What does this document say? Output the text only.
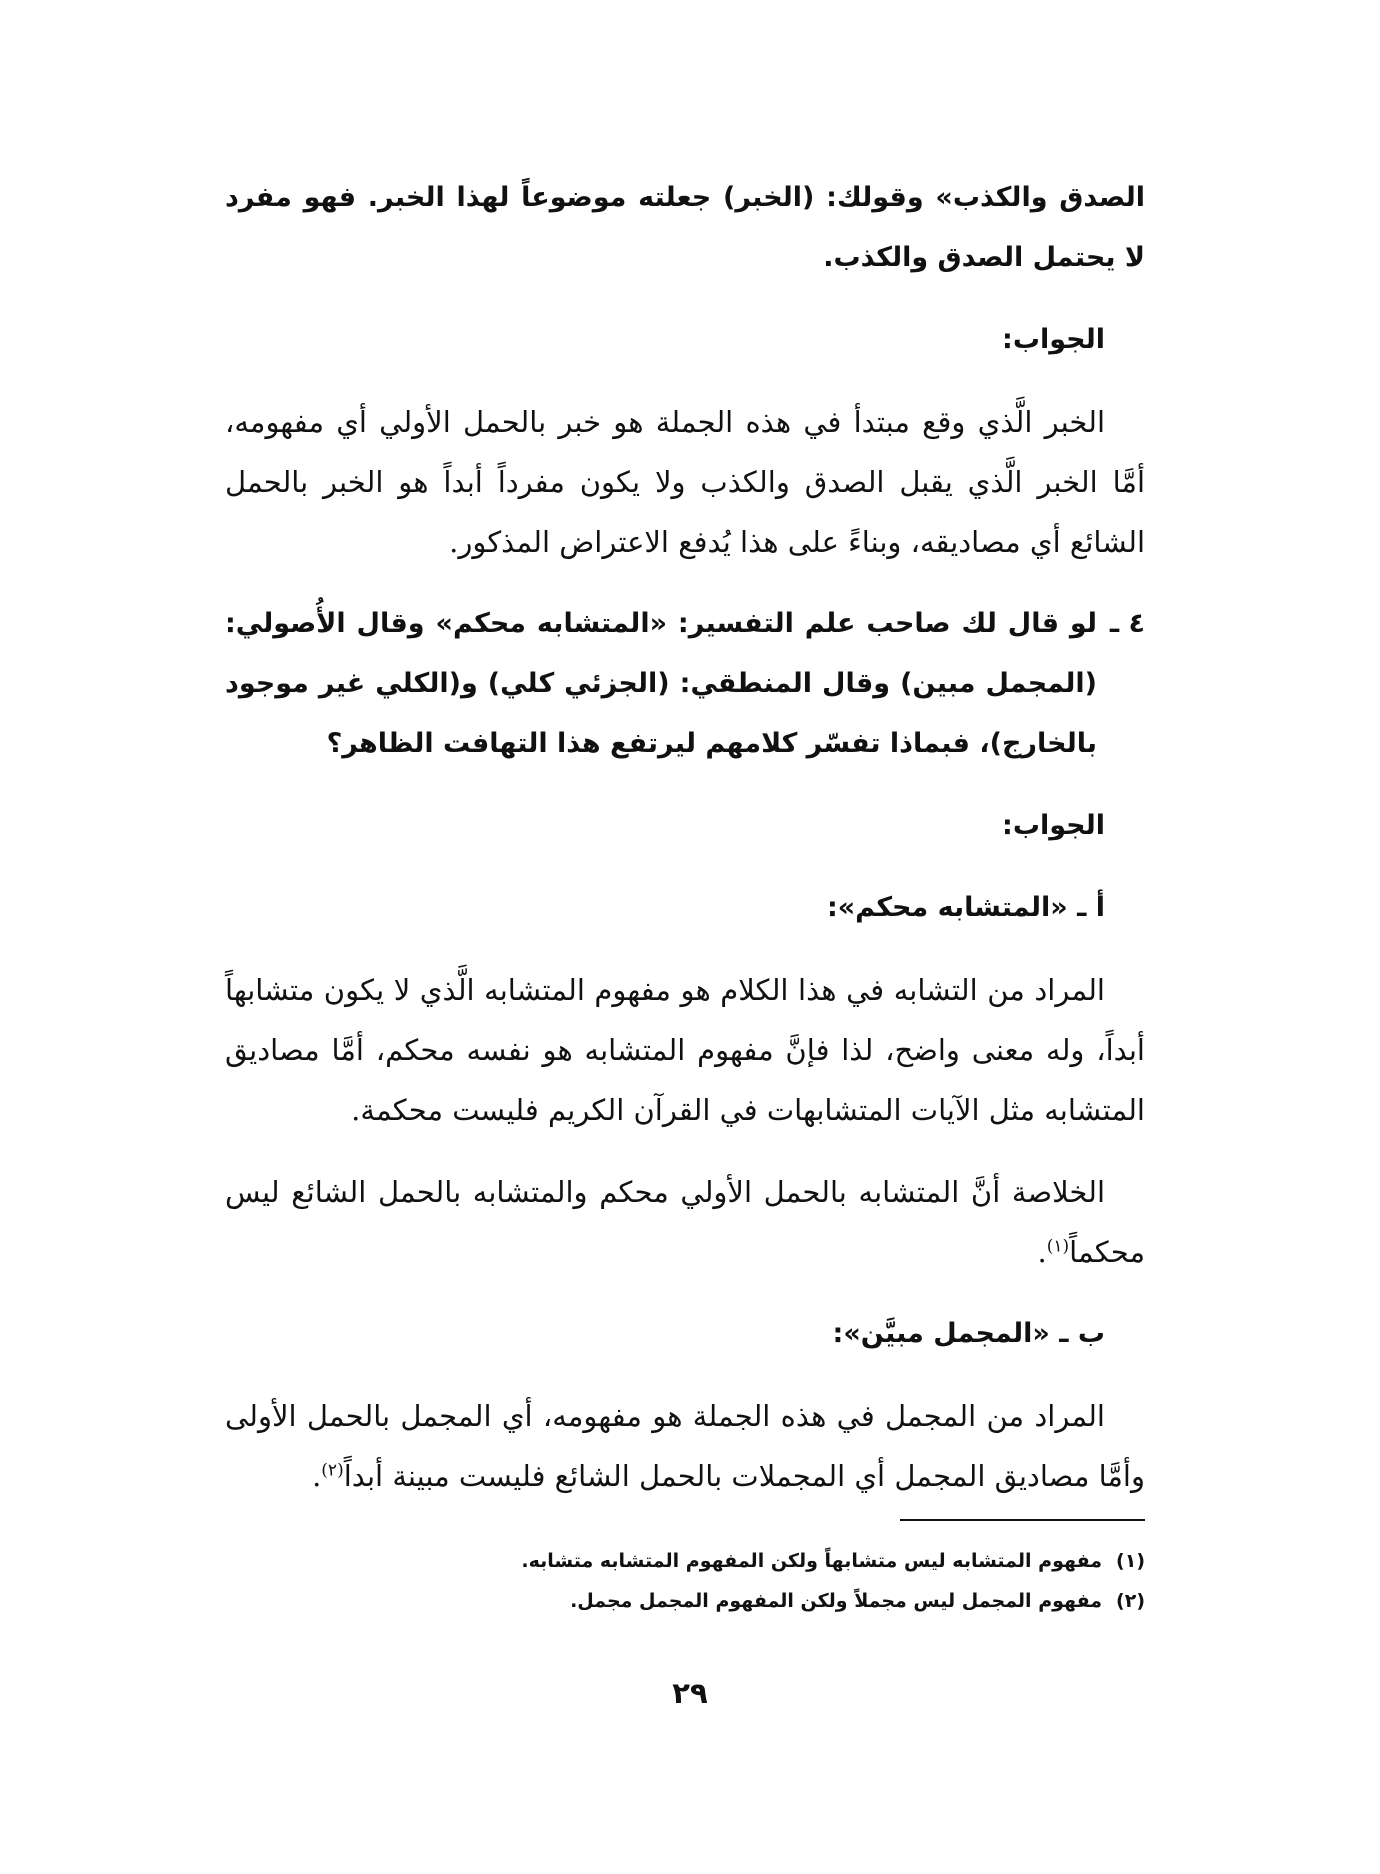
الصدق والكذب» وقولك: (الخبر) جعلته موضوعاً لهذا الخبر. فهو مفرد لا يحتمل الصدق والكذب.

الجواب:

الخبر الَّذي وقع مبتدأ في هذه الجملة هو خبر بالحمل الأولي أي مفهومه، أمَّا الخبر الَّذي يقبل الصدق والكذب ولا يكون مفرداً أبداً هو الخبر بالحمل الشائع أي مصاديقه، وبناءً على هذا يُدفع الاعتراض المذكور.

٤ ـ
لو قال لك صاحب علم التفسير: «المتشابه محكم» وقال الأُصولي: (المجمل مبين) وقال المنطقي: (الجزئي كلي) و(الكلي غير موجود بالخارج)، فبماذا تفسّر كلامهم ليرتفع هذا التهافت الظاهر؟

الجواب:

أ ـ «المتشابه محكم»:

المراد من التشابه في هذا الكلام هو مفهوم المتشابه الَّذي لا يكون متشابهاً أبداً، وله معنى واضح، لذا فإنَّ مفهوم المتشابه هو نفسه محكم، أمَّا مصاديق المتشابه مثل الآيات المتشابهات في القرآن الكريم فليست محكمة.

الخلاصة أنَّ المتشابه بالحمل الأولي محكم والمتشابه بالحمل الشائع ليس محكماً$^{(١)}$.

ب ـ «المجمل مبيَّن»:

المراد من المجمل في هذه الجملة هو مفهومه، أي المجمل بالحمل الأولى وأمَّا مصاديق المجمل أي المجملات بالحمل الشائع فليست مبينة أبداً$^{(٢)}$.

(١)مفهوم المتشابه ليس متشابهاً ولكن المفهوم المتشابه متشابه.

(٢)مفهوم المجمل ليس مجملاً ولكن المفهوم المجمل مجمل.

٢٩
